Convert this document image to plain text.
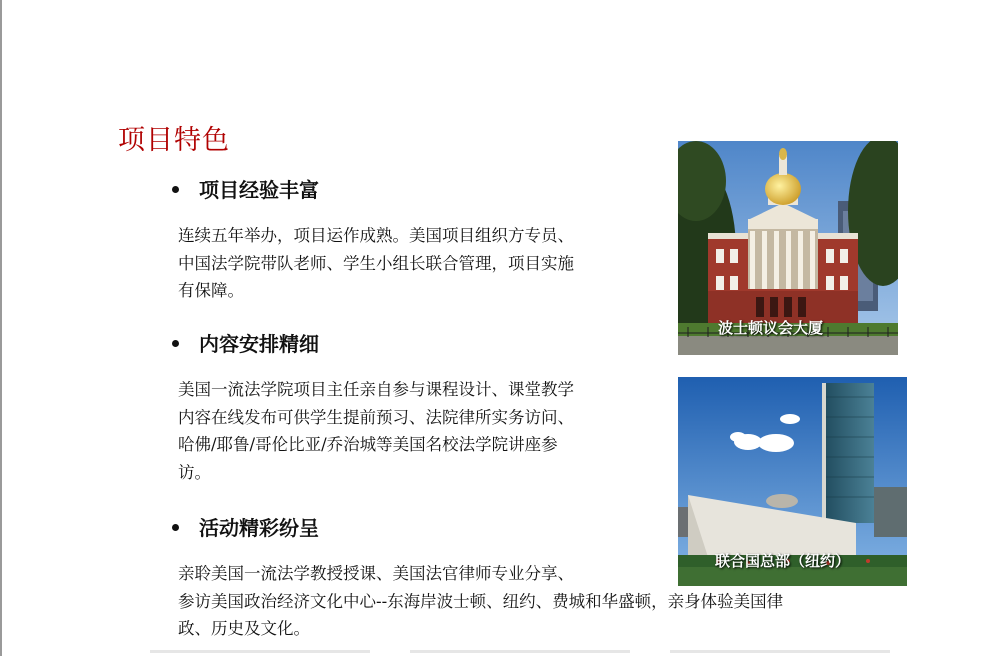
项目特色
项目经验丰富
连续五年举办，项目运作成熟。美国项目组织方专员、
中国法学院带队老师、学生小组长联合管理，项目实施
有保障。
内容安排精细
美国一流法学院项目主任亲自参与课程设计、课堂教学
内容在线发布可供学生提前预习、法院律所实务访问、
哈佛/耶鲁/哥伦比亚/乔治城等美国名校法学院讲座参
访。
活动精彩纷呈
亲聆美国一流法学教授授课、美国法官律师专业分享、
参访美国政治经济文化中心--东海岸波士顿、纽约、费城和华盛顿，亲身体验美国律
政、历史及文化。
波士顿议会大厦
联合国总部（纽约）
